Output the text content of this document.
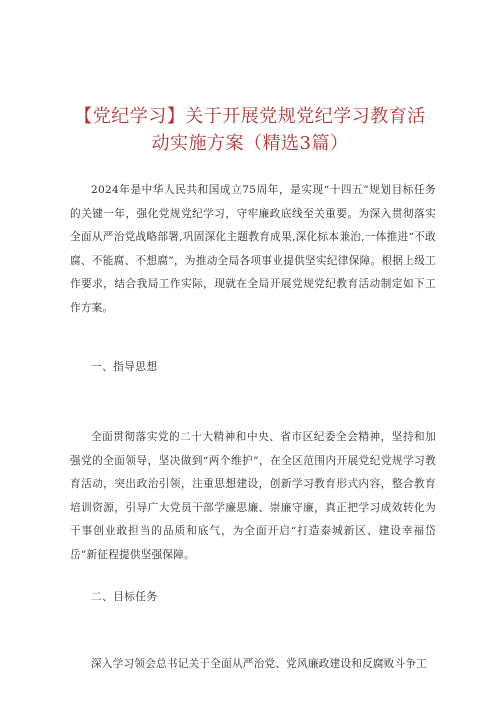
【党纪学习】关于开展党规党纪学习教育活
动实施方案（精选3篇）

2024年是中华人民共和国成立75周年，是实现“十四五”规划目标任务的关键一年，强化党规党纪学习，守牢廉政底线至关重要。为深入贯彻落实全面从严治党战略部署,巩固深化主题教育成果,深化标本兼治,一体推进“不敢腐、不能腐、不想腐”，为推动全局各项事业提供坚实纪律保障。根据上级工作要求，结合我局工作实际，现就在全局开展党规党纪教育活动制定如下工作方案。

一、指导思想

全面贯彻落实党的二十大精神和中央、省市区纪委全会精神，坚持和加强党的全面领导，坚决做到“两个维护”，在全区范围内开展党纪党规学习教育活动，突出政治引领，注重思想建设，创新学习教育形式内容，整合教育培训资源，引导广大党员干部学廉思廉、崇廉守廉，真正把学习成效转化为干事创业敢担当的品质和底气，为全面开启“打造泰城新区、建设幸福岱岳”新征程提供坚强保障。

二、目标任务

深入学习领会总书记关于全面从严治党、党风廉政建设和反腐败斗争工
